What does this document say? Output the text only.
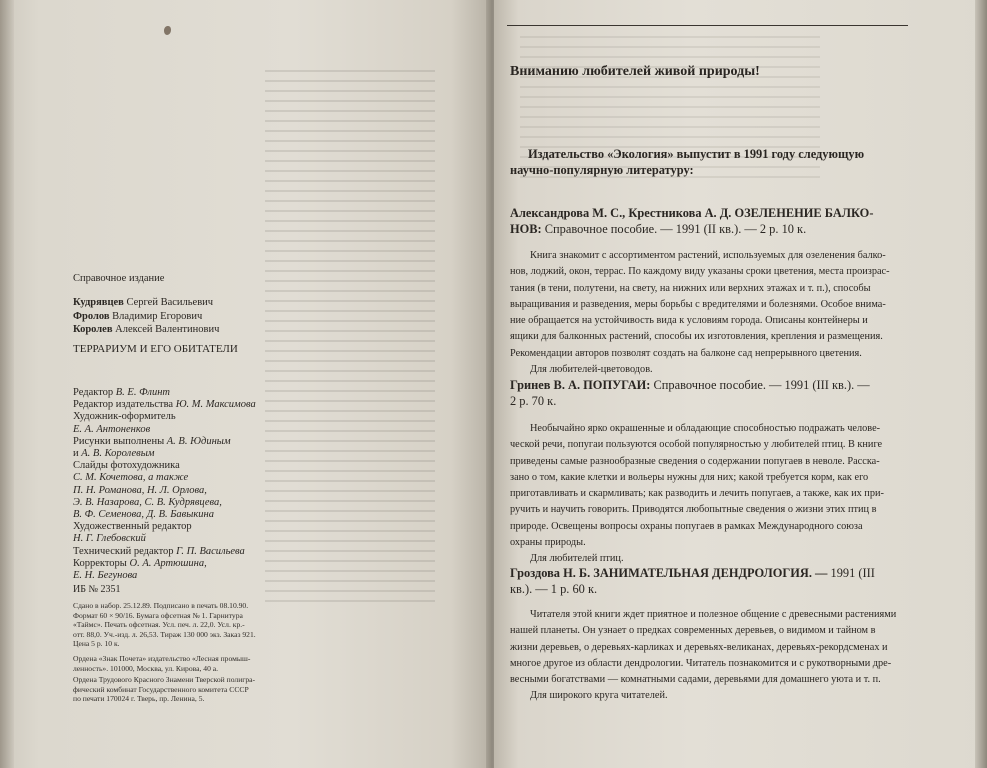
Справочное издание
Кудрявцев Сергей Васильевич
Фролов Владимир Егорович
Королев Алексей Валентинович
ТЕРРАРИУМ И ЕГО ОБИТАТЕЛИ
Редактор В. Е. Флинт
Редактор издательства Ю. М. Максимова
Художник-оформитель
Е. А. Антоненков
Рисунки выполнены А. В. Юдиным
и А. В. Королевым
Слайды фотохудожника
С. М. Кочетова, а также
П. Н. Романова, Н. Л. Орлова,
Э. В. Назарова, С. В. Кудрявцева,
В. Ф. Семенова, Д. В. Бавыкина
Художественный редактор
Н. Г. Глебовский
Технический редактор Г. П. Васильева
Корректоры О. А. Артюшина,
Е. Н. Бегунова
ИБ № 2351
Сдано в набор. 25.12.89. Подписано в печать 08.10.90.
Формат 60 × 90/16. Бумага офсетная № 1. Гарнитура
«Таймс». Печать офсетная. Усл. печ. л. 22,0. Усл. кр.-
отт. 88,0. Уч.-изд. л. 26,53. Тираж 130 000 экз. Заказ 921.
Цена 5 р. 10 к.
Ордена «Знак Почета» издательство «Лесная промыш-
ленность». 101000, Москва, ул. Кирова, 40 а.
Ордена Трудового Красного Знамени Тверской полигра-
фический комбинат Государственного комитета СССР
по печати 170024 г. Тверь, пр. Ленина, 5.
Вниманию любителей живой природы!
Издательство «Экология» выпустит в 1991 году следующую
научно-популярную литературу:
Александрова М. С., Крестникова А. Д. ОЗЕЛЕНЕНИЕ БАЛКО-
НОВ: Справочное пособие. — 1991 (II кв.). — 2 р. 10 к.
Книга знакомит с ассортиментом растений, используемых для озеленения балко-
нов, лоджий, окон, террас. По каждому виду указаны сроки цветения, места произрас-
тания (в тени, полутени, на свету, на нижних или верхних этажах и т. п.), способы
выращивания и разведения, меры борьбы с вредителями и болезнями. Особое внима-
ние обращается на устойчивость вида к условиям города. Описаны контейнеры и
ящики для балконных растений, способы их изготовления, крепления и размещения.
Рекомендации авторов позволят создать на балконе сад непрерывного цветения.
Для любителей-цветоводов.
Гринев В. А. ПОПУГАИ: Справочное пособие. — 1991 (III кв.). —
2 р. 70 к.
Необычайно ярко окрашенные и обладающие способностью подражать челове-
ческой речи, попугаи пользуются особой популярностью у любителей птиц. В книге
приведены самые разнообразные сведения о содержании попугаев в неволе. Расска-
зано о том, какие клетки и вольеры нужны для них; какой требуется корм, как его
приготавливать и скармливать; как разводить и лечить попугаев, а также, как их при-
ручить и научить говорить. Приводятся любопытные сведения о жизни этих птиц в
природе. Освещены вопросы охраны попугаев в рамках Международного союза
охраны природы.
Для любителей птиц.
Гроздова Н. Б. ЗАНИМАТЕЛЬНАЯ ДЕНДРОЛОГИЯ. — 1991 (III
кв.). — 1 р. 60 к.
Читателя этой книги ждет приятное и полезное общение с древесными растениями
нашей планеты. Он узнает о предках современных деревьев, о видимом и тайном в
жизни деревьев, о деревьях-карликах и деревьях-великанах, деревьях-рекордсменах и
многое другое из области дендрологии. Читатель познакомится и с рукотворными дре-
весными богатствами — комнатными садами, деревьями для домашнего уюта и т. п.
Для широкого круга читателей.
